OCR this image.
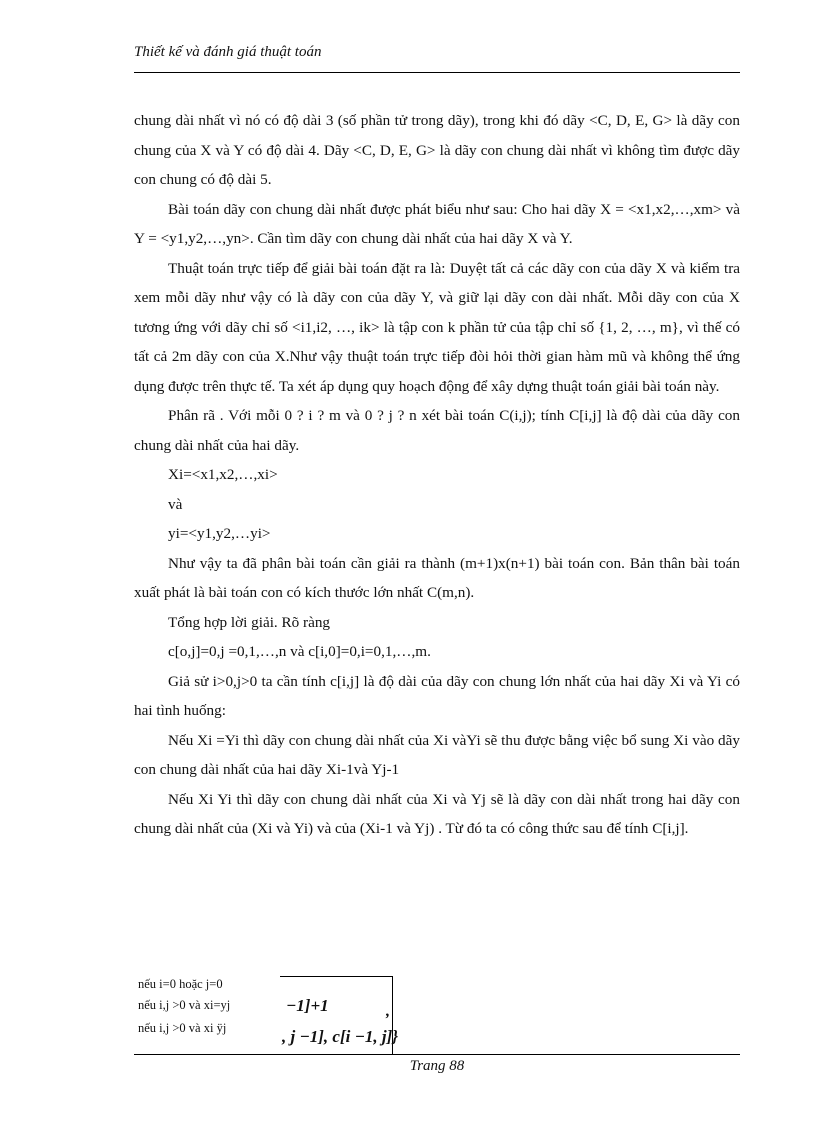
Thiết kế và đánh giá thuật toán

chung dài nhất vì nó có độ dài 3 (số phần tử trong dãy), trong khi đó dãy <C, D, E, G> là dãy con chung của X và Y có độ dài 4. Dãy <C, D, E, G> là dãy con chung dài nhất vì không tìm được dãy con chung có độ dài 5.

Bài toán dãy con chung dài nhất được phát biểu như sau: Cho hai dãy X = <x1,x2,…,xm> và Y = <y1,y2,…,yn>. Cần tìm dãy con chung dài nhất của hai dãy X và Y.

Thuật toán trực tiếp để giải bài toán đặt ra là: Duyệt tất cả các dãy con của dãy X và kiểm tra xem mỗi dãy như vậy có là dãy con của dãy Y, và giữ lại dãy con dài nhất. Mỗi dãy con của X tương ứng với dãy chỉ số <i1,i2, …, ik> là tập con k phần tử của tập chỉ số {1, 2, …, m}, vì thế có tất cả 2m dãy con của X.Như vậy thuật toán trực tiếp đòi hỏi thời gian hàm mũ và không thể ứng dụng được trên thực tế. Ta xét áp dụng quy hoạch động để xây dựng thuật toán giải bài toán này.

Phân rã . Với mỗi 0 ? i ? m và 0 ? j ? n xét bài toán C(i,j); tính C[i,j] là độ dài của dãy con chung dài nhất của hai dãy.

Xi=<x1,x2,…,xi>

và

yi=<y1,y2,…yi>

Như vậy ta đã phân bài toán cần giải ra thành (m+1)x(n+1) bài toán con. Bản thân bài toán xuất phát là bài toán con có kích thước lớn nhất C(m,n).

Tổng hợp lời giải. Rõ ràng

c[o,j]=0,j =0,1,…,n và c[i,0]=0,i=0,1,…,m.

Giả sử i>0,j>0 ta cần tính c[i,j] là độ dài của dãy con chung lớn nhất của hai dãy Xi và Yi có hai tình huống:

Nếu Xi =Yi thì dãy con chung dài nhất của Xi vàYi sẽ thu được bằng việc bổ sung Xi vào dãy con chung dài nhất của hai dãy Xi-1và Yj-1

Nếu Xi Yi thì dãy con chung dài nhất của Xi và Yj sẽ là dãy con dài nhất trong hai dãy con chung dài nhất của (Xi và Yi) và của (Xi-1 và Yj) . Từ đó ta có công thức sau để tính C[i,j].

nếu i=0 hoặc j=0
nếu i,j >0 và xi=yj
nếu i,j >0 và xi ÿj
−1]+1	,
, j −1], c[i −1, j]}
Trang 88
